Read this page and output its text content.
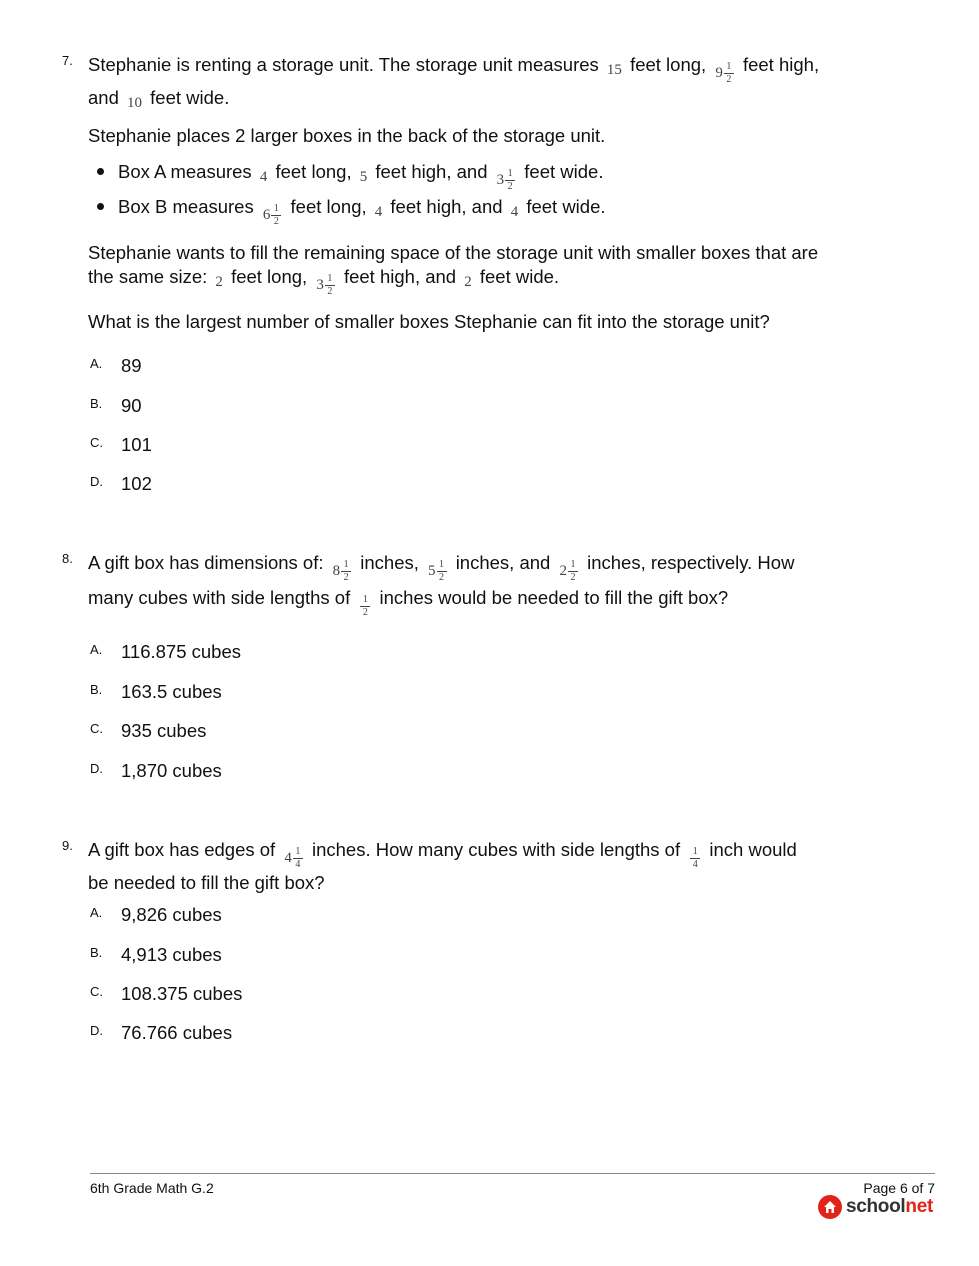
7. Stephanie is renting a storage unit. The storage unit measures 15 feet long, $9 \frac{1}{2}$ feet high,
and 10 feet wide.
Stephanie places 2 larger boxes in the back of the storage unit.
Box A measures 4 feet long, 5 feet high, and $3 \frac{1}{2}$ feet wide.
Box B measures $6 \frac{1}{2}$ feet long, 4 feet high, and 4 feet wide.
Stephanie wants to fill the remaining space of the storage unit with smaller boxes that are
the same size: 2 feet long, $3 \frac{1}{2}$ feet high, and 2 feet wide.
What is the largest number of smaller boxes Stephanie can fit into the storage unit?
A. 89
B. 90
C. 101
D. 102
8. A gift box has dimensions of: $8 \frac{1}{2}$ inches, $5 \frac{1}{2}$ inches, and $2 \frac{1}{2}$ inches, respectively. How
many cubes with side lengths of $\frac{1}{2}$ inches would be needed to fill the gift box?
A. 116.875 cubes
B. 163.5 cubes
C. 935 cubes
D. 1,870 cubes
9. A gift box has edges of $4 \frac{1}{4}$ inches. How many cubes with side lengths of $\frac{1}{4}$ inch would
be needed to fill the gift box?
A. 9,826 cubes
B. 4,913 cubes
C. 108.375 cubes
D. 76.766 cubes
6th Grade Math G.2	Page 6 of 7
schoolnet
